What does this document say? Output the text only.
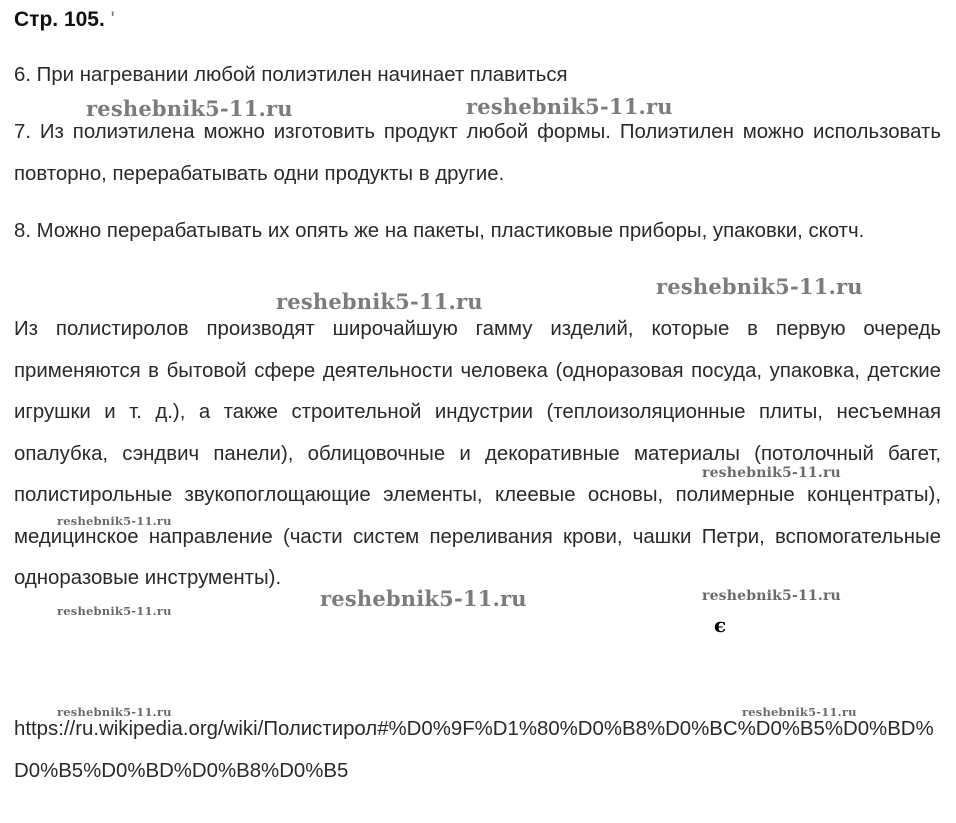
Стр. 105. '

6. При нагревании любой полиэтилен начинает плавиться

7. Из полиэтилена можно изготовить продукт любой формы. Полиэтилен можно использовать повторно, перерабатывать одни продукты в другие.

8. Можно перерабатывать их опять же на пакеты, пластиковые приборы, упаковки, скотч.

Из полистиролов производят широчайшую гамму изделий, которые в первую очередь применяются в бытовой сфере деятельности человека (одноразовая посуда, упаковка, детские игрушки и т. д.), а также строительной индустрии (теплоизоляционные плиты, несъемная опалубка, сэндвич панели), облицовочные и декоративные материалы (потолочный багет, полистирольные звукопоглощающие элементы, клеевые основы, полимерные концентраты), медицинское направление (части систем переливания крови, чашки Петри, вспомогательные одноразовые инструменты).

https://ru.wikipedia.org/wiki/Полистирол#%D0%9F%D1%80%D0%B8%D0%BC%D0%B5%D0%BD%D0%B5%D0%BD%D0%B8%D0%B5

reshebnik5-11.ru	reshebnik5-11.ru
reshebnik5-11.ru
reshebnik5-11.ru
reshebnik5-11.ru
reshebnik5-11.ru
reshebnik5-11.ru	reshebnik5-11.ru
reshebnik5-11.ru
reshebnik5-11.ru	reshebnik5-11.ru
є
